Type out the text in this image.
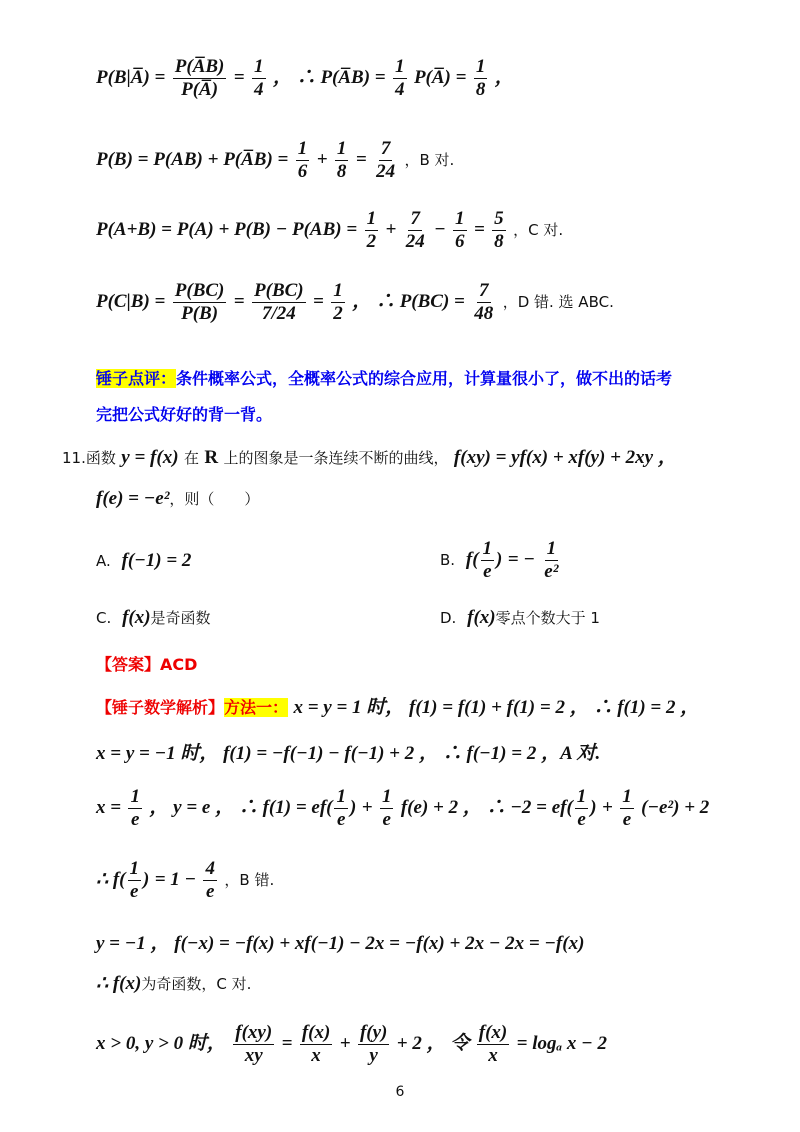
P(B|A̅) = $\frac{P(A̅B)}{P(A̅)} = \frac{1}{4}$ ， ∴ P(A̅B) = $\frac{1}{4}$ P(A̅) = $\frac{1}{8}$ ，
P(B) = P(AB) + P(A̅B) = $\frac{1}{6} + \frac{1}{8} = \frac{7}{24}$ ，B 对.
$P(A+B) = P(A) + P(B) - P(AB) = \frac{1}{2} + \frac{7}{24} - \frac{1}{6} = \frac{5}{8}$ ，C 对.
$P(C|B) = \frac{P(BC)}{P(B)} = \frac{P(BC)}{7/24} = \frac{1}{2}$ ， ∴ $P(BC) = \frac{7}{48}$ ，D 错. 选 ABC.
锤子点评：条件概率公式，全概率公式的综合应用，计算量很小了，做不出的话考
完把公式好好的背一背。
11.函数 y = f(x) 在 R 上的图象是一条连续不断的曲线， f(xy) = yf(x) + xf(y) + 2xy ，
f(e) = −e²，则（　　）
A. f(−1) = 2	B. $f( \frac{1}{e}$ ) = − $\frac{1}{\text{e²}}$
C. f(x)是奇函数	D. f(x)零点个数大于 1
【答案】ACD
【锤子数学解析】方法一： x = y = 1 时， f(1) = f(1) + f(1) = 2 ， ∴ f(1) = 2 ，
x = y = −1 时， f(1) = −f(−1) − f(−1) + 2 ， ∴ f(−1) = 2 ，A 对.
$x = \frac{1}{e}$ ， y = e ， ∴ $f(1) = ef( \frac{1}{e}$ ) + $\frac{1}{e} f(e) + 2$ ， ∴ $-2 = ef( \frac{1}{e}$ ) + $\frac{1}{e} (-e^2) + 2$
∴ $f( \frac{1}{e}$ ) = $1 - \frac{4}{e}$ ，B 错.
y = −1 ， f(−x) = −f(x) + xf(−1) − 2x = −f(x) + 2x − 2x = −f(x)
∴ f(x)为奇函数，C 对.
x > 0, y > 0 时， $\frac{f(xy)}{xy} = \frac{f(x)}{x} + \frac{f(y)}{y} + 2$ ， 令 $\frac{f(x)}{x} = \log_a$ x − 2
6
